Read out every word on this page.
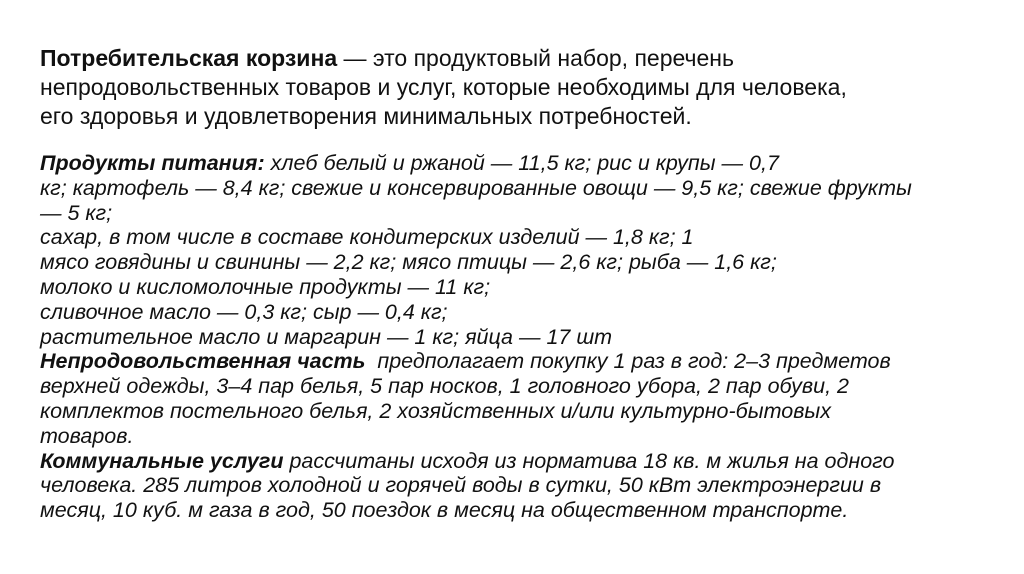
Потребительская корзина — это продуктовый набор, перечень
непродовольственных товаров и услуг, которые необходимы для человека,
его здоровья и удовлетворения минимальных потребностей.

Продукты питания: хлеб белый и ржаной — 11,5 кг; рис и крупы — 0,7
кг; картофель — 8,4 кг; свежие и консервированные овощи — 9,5 кг; свежие фрукты
— 5 кг;
сахар, в том числе в составе кондитерских изделий — 1,8 кг; 1
мясо говядины и свинины — 2,2 кг; мясо птицы — 2,6 кг; рыба — 1,6 кг;
молоко и кисломолочные продукты — 11 кг;
сливочное масло — 0,3 кг; сыр — 0,4 кг;
растительное масло и маргарин — 1 кг; яйца — 17 шт
Непродовольственная часть  предполагает покупку 1 раз в год: 2–3 предметов
верхней одежды, 3–4 пар белья, 5 пар носков, 1 головного убора, 2 пар обуви, 2
комплектов постельного белья, 2 хозяйственных и/или культурно-бытовых
товаров.
Коммунальные услуги рассчитаны исходя из норматива 18 кв. м жилья на одного
человека. 285 литров холодной и горячей воды в сутки, 50 кВт электроэнергии в
месяц, 10 куб. м газа в год, 50 поездок в месяц на общественном транспорте.
